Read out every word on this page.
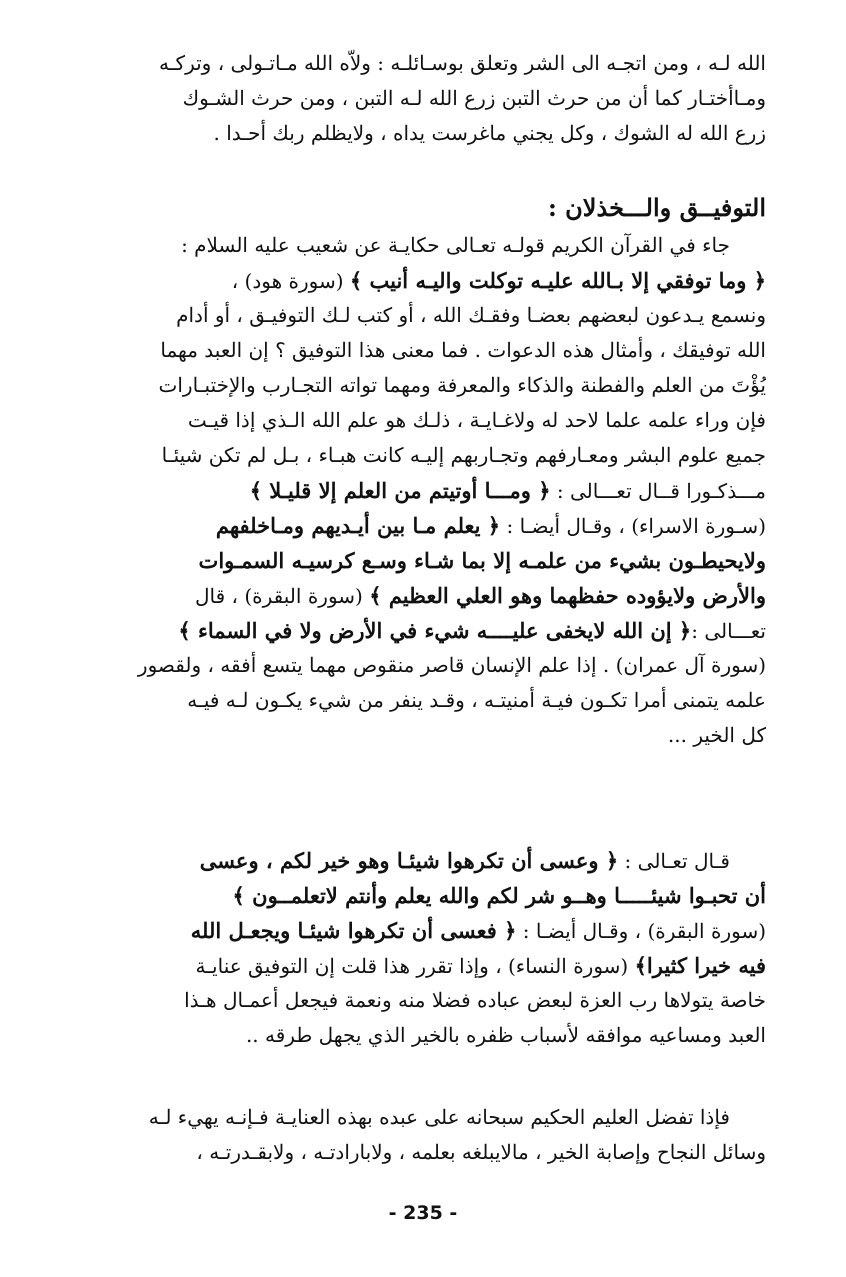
الله لـه ، ومن اتجـه الى الشر وتعلق بوسـائلـه : ولاّه الله مـاتـولى ، وتركـه
ومـاأختـار كما أن من حرث التبن زرع الله لـه التبن ، ومن حرث الشـوك
زرع الله له الشوك ، وكل يجني ماغرست يداه ، ولايظلم ربك أحـدا .
التوفيــق والـــخذلان :
جاء في القرآن الكريم قولـه تعـالى حكايـة عن شعيب عليه السلام :
﴿ وما توفقي إلا بـالله عليـه توكلت واليـه أنيب ﴾ (سورة هود) ،
ونسمع يـدعون لبعضهم بعضـا وفقـك الله ، أو كتب لـك التوفيـق ، أو أدام
الله توفيقك ، وأمثال هذه الدعوات . فما معنى هذا التوفيق ؟ إن العبد مهما
يُؤْتَ من العلم والفطنة والذكاء والمعرفة ومهما تواته التجـارب والإختبـارات
فإن وراء علمه علما لاحد له ولاغـايـة ، ذلـك هو علم الله الـذي إذا قيـت
جميع علوم البشر ومعـارفهم وتجـاربهم إليـه كانت هبـاء ، بـل لم تكن شيئـا
مـــذكـورا قــال تعـــالى : ﴿ ومـــا أوتيتم من العلم إلا قليـلا ﴾
(سـورة الاسراء) ، وقـال أيضـا : ﴿ يعلم مـا بين أيـديهم ومـاخلفهم
ولايحيطـون بشيء من علمـه إلا بما شـاء وسـع كرسيـه السمـوات
والأرض ولايؤوده حفظهما وهو العلي العظيم ﴾ (سورة البقرة) ، قال
تعـــالى :﴿ إن الله لايخفى عليــــه شيء في الأرض ولا في السماء ﴾
(سورة آل عمران) . إذا علم الإنسان قاصر منقوص مهما يتسع أفقه ، ولقصور
علمه يتمنى أمرا تكـون فيـة أمنيتـه ، وقـد ينفر من شيء يكـون لـه فيـه
كل الخير ...
قـال تعـالى : ﴿ وعسى أن تكرهوا شيئـا وهو خير لكم ، وعسى
أن تحبـوا شيئـــــا وهــو شر لكم والله يعلم وأنتم لاتعلمــون ﴾
(سورة البقرة) ، وقـال أيضـا : ﴿ فعسى أن تكرهوا شيئـا ويجعـل الله
فيه خيرا كثيرا﴾ (سورة النساء) ، وإذا تقرر هذا قلت إن التوفيق عنايـة
خاصة يتولاها رب العزة لبعض عباده فضلا منه ونعمة فيجعل أعمـال هـذا
العبد ومساعيه موافقه لأسباب ظفره بالخير الذي يجهل طرقه ..
فإذا تفضل العليم الحكيم سبحانه على عبده بهذه العنايـة فـإنـه يهيء لـه
وسائل النجاح وإصابة الخير ، مالايبلغه بعلمه ، ولابارادتـه ، ولابقـدرتـه ،
- 235 -
